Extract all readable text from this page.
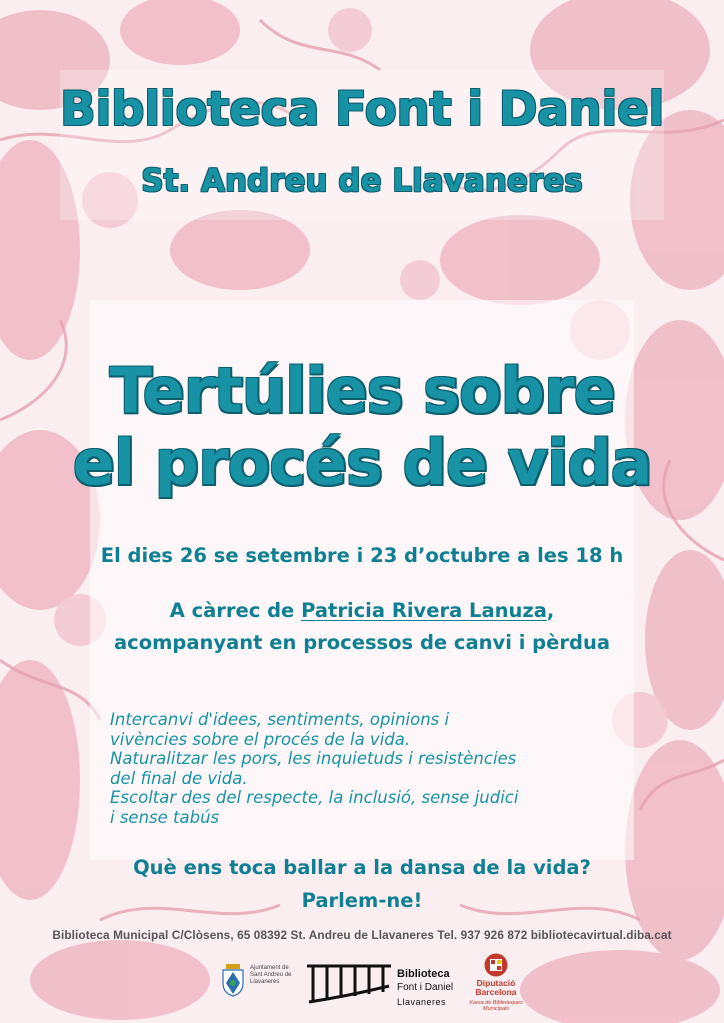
Biblioteca Font i Daniel
St. Andreu de Llavaneres
Tertúlies sobre
el procés de vida
El dies 26 se setembre i 23 d’octubre a les 18 h
A càrrec de Patricia Rivera Lanuza,
acompanyant en processos de canvi i pèrdua
Intercanvi d'idees, sentiments, opinions i
vivències sobre el procés de la vida.
Naturalitzar les pors, les inquietuds i resistències
del final de vida.
Escoltar des del respecte, la inclusió, sense judici
i sense tabús
Què ens toca ballar a la dansa de la vida?
Parlem-ne!
Biblioteca Municipal C/Clòsens, 65 08392 St. Andreu de Llavaneres Tel. 937 926 872 bibliotecavirtual.diba.cat
Ajuntament de
Sant Andreu de
Llavaneres
Biblioteca
Font i Daniel
Llavaneres
Diputació
Barcelona
Xarxa de Biblioteques
Municipals
